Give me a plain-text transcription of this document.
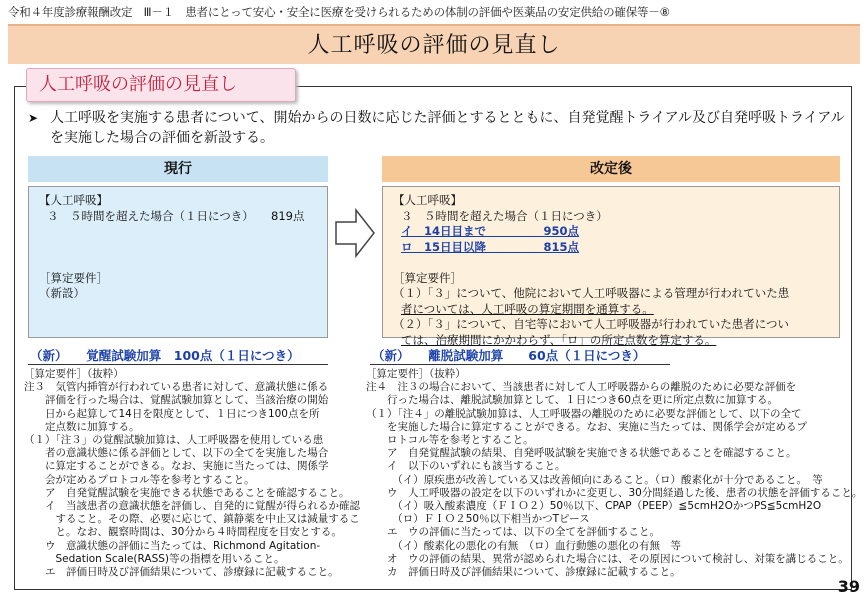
令和４年度診療報酬改定　Ⅲ－１　患者にとって安心・安全に医療を受けられるための体制の評価や医薬品の安定供給の確保等－⑧
人工呼吸の評価の見直し
人工呼吸の評価の見直し
➤ 人工呼吸を実施する患者について、開始からの日数に応じた評価とするとともに、自発覚醒トライアル及び自発呼吸トライアルを実施した場合の評価を新設する。
現行	改定後
【人工呼吸】
３　５時間を超えた場合（１日につき）　　819点

［算定要件］
（新設）
【人工呼吸】
３　５時間を超えた場合（１日につき）
イ　14日目まで　　　　　950点
ロ　15日目以降　　　　　815点

［算定要件］
（１）「３」について、他院において人工呼吸器による管理が行われていた患
者については、人工呼吸の算定期間を通算する。
（２）「３」について、自宅等において人工呼吸器が行われていた患者につい
ては、治療期間にかかわらず、「ロ」の所定点数を算定する。
（新）　　覚醒試験加算　100点（１日につき）	（新）　　離脱試験加算　　60点（１日につき）
［算定要件］（抜粋）
注３　気管内挿管が行われている患者に対して、意識状態に係る
　　評価を行った場合は、覚醒試験加算として、当該治療の開始
　　日から起算して14日を限度として、１日につき100点を所
　　定点数に加算する。
（１）「注３」の覚醒試験加算は、人工呼吸器を使用している患
　　者の意識状態に係る評価として、以下の全てを実施した場合
　　に算定することができる。なお、実施に当たっては、関係学
　　会が定めるプロトコル等を参考とすること。
　　ア　自発覚醒試験を実施できる状態であることを確認すること。
　　イ　当該患者の意識状態を評価し、自発的に覚醒が得られるか確認
　　　すること。その際、必要に応じて、鎮静薬を中止又は減量するこ
　　　と。なお、観察時間は、30分から４時間程度を目安とする。
　　ウ　意識状態の評価に当たっては、Richmond Agitation-
　　　Sedation Scale(RASS)等の指標を用いること。
　　エ　評価日時及び評価結果について、診療録に記載すること。
［算定要件］（抜粋）
注４　注３の場合において、当該患者に対して人工呼吸器からの離脱のために必要な評価を
　　行った場合は、離脱試験加算として、１日につき60点を更に所定点数に加算する。
（１）「注４」の離脱試験加算は、人工呼吸器の離脱のために必要な評価として、以下の全て
　　を実施した場合に算定することができる。なお、実施に当たっては、関係学会が定めるプ
　　ロトコル等を参考とすること。
　　ア　自発覚醒試験の結果、自発呼吸試験を実施できる状態であることを確認すること。
　　イ　以下のいずれにも該当すること。
　　　（イ）原疾患が改善している又は改善傾向にあること。（ロ）酸素化が十分であること。　等
　　ウ　人工呼吸器の設定を以下のいずれかに変更し、30分間経過した後、患者の状態を評価すること。
　　　（イ）吸入酸素濃度（ＦＩＯ２）50％以下、CPAP（PEEP）≦5cmH2OかつPS≦5cmH2O
　　　（ロ）ＦＩＯ２50％以下相当かつTピース
　　エ　ウの評価に当たっては、以下の全てを評価すること。
　　　（イ）酸素化の悪化の有無　（ロ）血行動態の悪化の有無　等
　　オ　ウの評価の結果、異常が認められた場合には、その原因について検討し、対策を講じること。
　　カ　評価日時及び評価結果について、診療録に記載すること。
39
